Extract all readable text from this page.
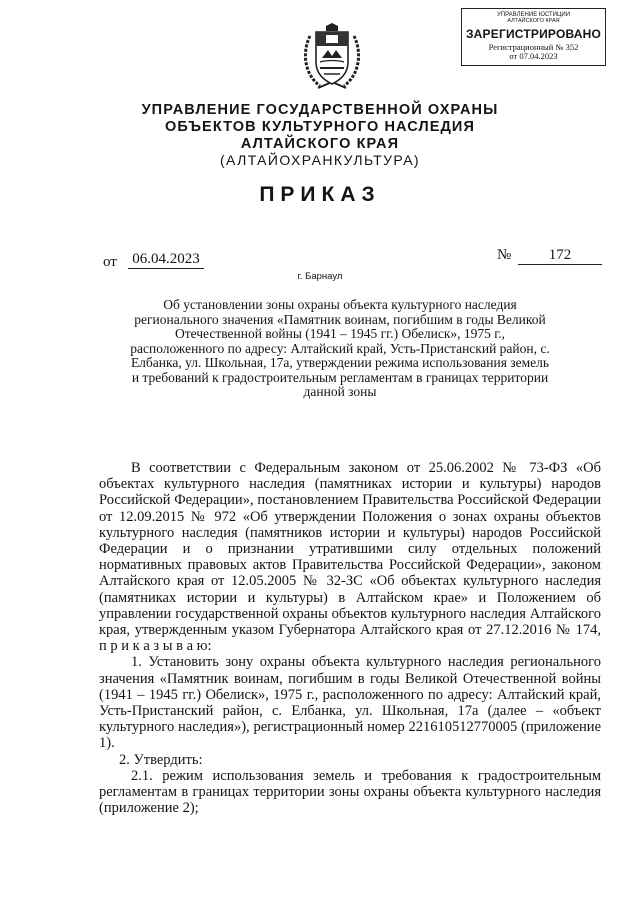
УПРАВЛЕНИЕ ЮСТИЦИИ
АЛТАЙСКОГО КРАЯ
ЗАРЕГИСТРИРОВАНО
Регистрационный № 352
от 07.04.2023
УПРАВЛЕНИЕ ГОСУДАРСТВЕННОЙ ОХРАНЫ
ОБЪЕКТОВ КУЛЬТУРНОГО НАСЛЕДИЯ
АЛТАЙСКОГО КРАЯ
(АЛТАЙОХРАНКУЛЬТУРА)
ПРИКАЗ
от 06.04.2023	№	172
г. Барнаул
Об установлении зоны охраны объекта культурного наследия регионального значения «Памятник воинам, погибшим в годы Великой Отечественной войны (1941 – 1945 гг.) Обелиск», 1975 г., расположенного по адресу: Алтайский край, Усть-Пристанский район, с. Елбанка, ул. Школьная, 17а, утверждении режима использования земель и требований к градостроительным регламентам в границах территории данной зоны

В соответствии с Федеральным законом от 25.06.2002 № 73-ФЗ «Об объектах культурного наследия (памятниках истории и культуры) народов Российской Федерации», постановлением Правительства Российской Федерации от 12.09.2015 № 972 «Об утверждении Положения о зонах охраны объектов культурного наследия (памятников истории и культуры) народов Российской Федерации и о признании утратившими силу отдельных положений нормативных правовых актов Правительства Российской Федерации», законом Алтайского края от 12.05.2005 № 32-ЗС «Об объектах культурного наследия (памятниках истории и культуры) в Алтайском крае» и Положением об управлении государственной охраны объектов культурного наследия Алтайского края, утвержденным указом Губернатора Алтайского края от 27.12.2016 № 174, п р и к а з ы в а ю:

1. Установить зону охраны объекта культурного наследия регионального значения «Памятник воинам, погибшим в годы Великой Отечественной войны (1941 – 1945 гг.) Обелиск», 1975 г., расположенного по адресу: Алтайский край, Усть-Пристанский район, с. Елбанка, ул. Школьная, 17а (далее – «объект культурного наследия»), регистрационный номер 221610512770005 (приложение 1).

2. Утвердить:

2.1. режим использования земель и требования к градостроительным регламентам в границах территории зоны охраны объекта культурного наследия (приложение 2);
